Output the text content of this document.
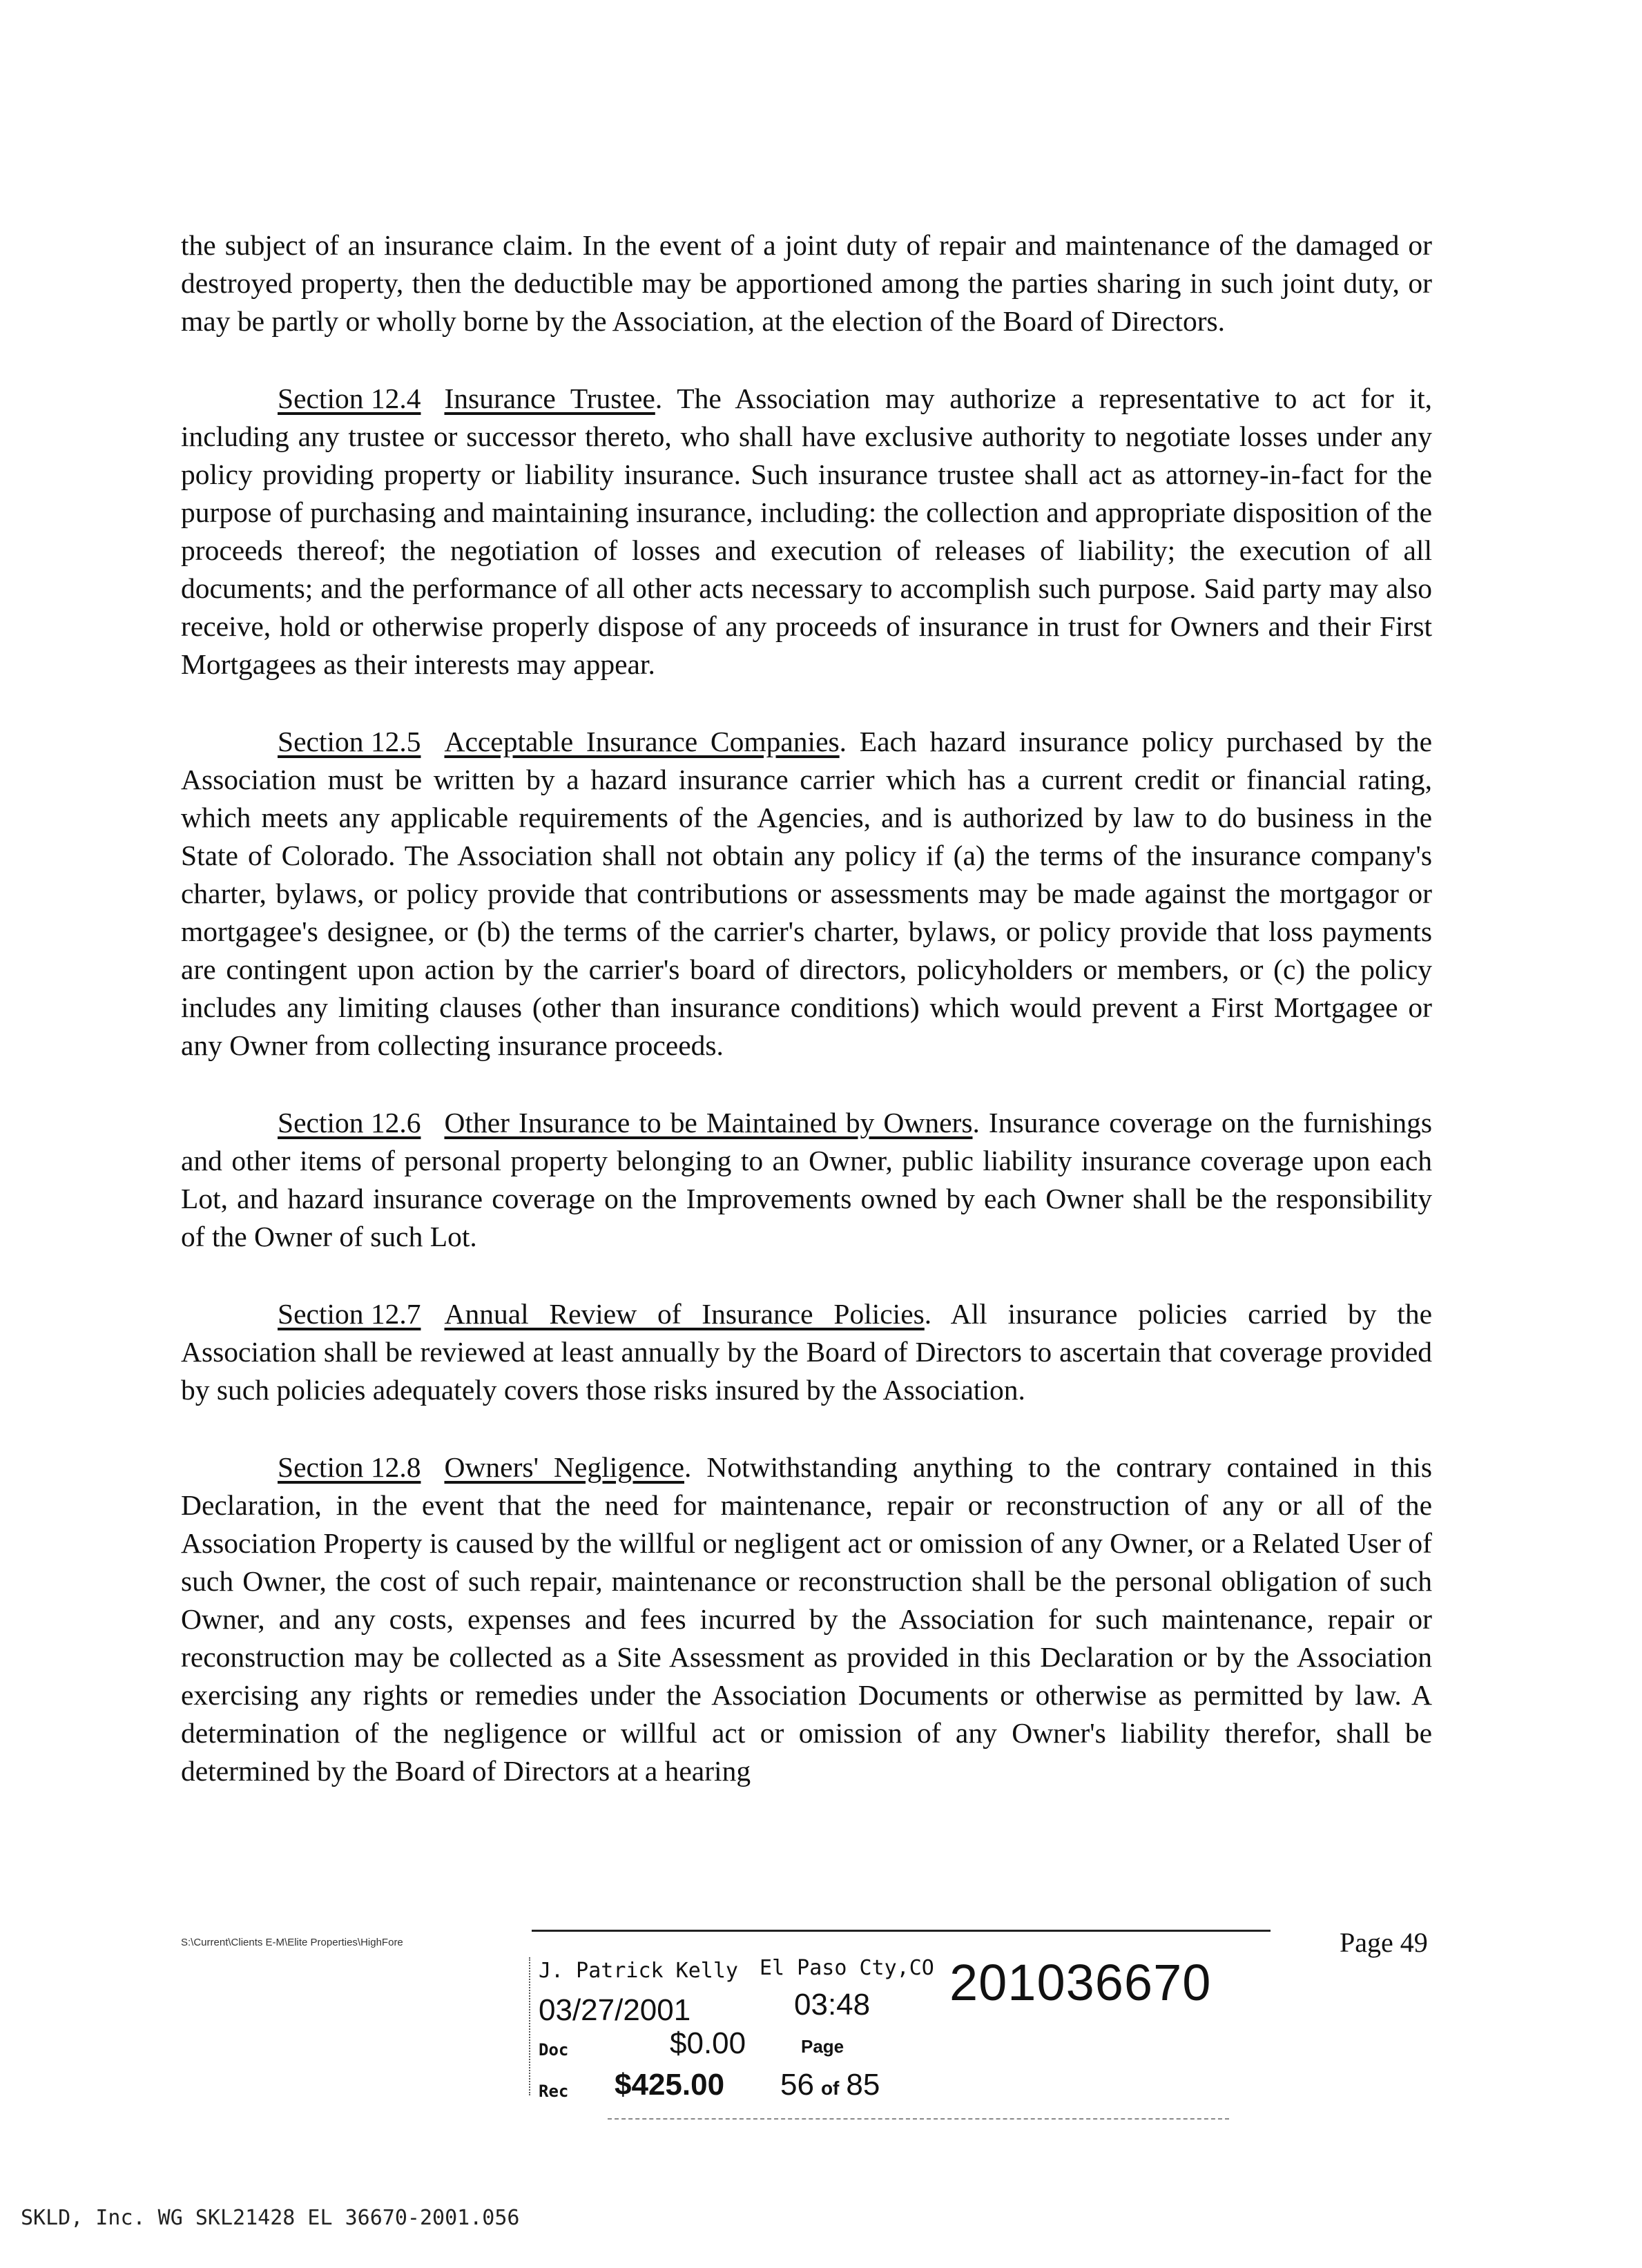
the subject of an insurance claim. In the event of a joint duty of repair and maintenance of the damaged or destroyed property, then the deductible may be apportioned among the parties sharing in such joint duty, or may be partly or wholly borne by the Association, at the election of the Board of Directors.

Section 12.4 Insurance Trustee. The Association may authorize a representative to act for it, including any trustee or successor thereto, who shall have exclusive authority to negotiate losses under any policy providing property or liability insurance. Such insurance trustee shall act as attorney-in-fact for the purpose of purchasing and maintaining insurance, including: the collection and appropriate disposition of the proceeds thereof; the negotiation of losses and execution of releases of liability; the execution of all documents; and the performance of all other acts necessary to accomplish such purpose. Said party may also receive, hold or otherwise properly dispose of any proceeds of insurance in trust for Owners and their First Mortgagees as their interests may appear.

Section 12.5 Acceptable Insurance Companies. Each hazard insurance policy purchased by the Association must be written by a hazard insurance carrier which has a current credit or financial rating, which meets any applicable requirements of the Agencies, and is authorized by law to do business in the State of Colorado. The Association shall not obtain any policy if (a) the terms of the insurance company's charter, bylaws, or policy provide that contributions or assessments may be made against the mortgagor or mortgagee's designee, or (b) the terms of the carrier's charter, bylaws, or policy provide that loss payments are contingent upon action by the carrier's board of directors, policyholders or members, or (c) the policy includes any limiting clauses (other than insurance conditions) which would prevent a First Mortgagee or any Owner from collecting insurance proceeds.

Section 12.6 Other Insurance to be Maintained by Owners. Insurance coverage on the furnishings and other items of personal property belonging to an Owner, public liability insurance coverage upon each Lot, and hazard insurance coverage on the Improvements owned by each Owner shall be the responsibility of the Owner of such Lot.

Section 12.7 Annual Review of Insurance Policies. All insurance policies carried by the Association shall be reviewed at least annually by the Board of Directors to ascertain that coverage provided by such policies adequately covers those risks insured by the Association.

Section 12.8 Owners' Negligence. Notwithstanding anything to the contrary contained in this Declaration, in the event that the need for maintenance, repair or reconstruction of any or all of the Association Property is caused by the willful or negligent act or omission of any Owner, or a Related User of such Owner, the cost of such repair, maintenance or reconstruction shall be the personal obligation of such Owner, and any costs, expenses and fees incurred by the Association for such maintenance, repair or reconstruction may be collected as a Site Assessment as provided in this Declaration or by the Association exercising any rights or remedies under the Association Documents or otherwise as permitted by law. A determination of the negligence or willful act or omission of any Owner's liability therefor, shall be determined by the Board of Directors at a hearing

S:\Current\Clients E-M\Elite Properties\HighFore	Page 49
J. Patrick Kelly El Paso Cty,CO 201036670
03/27/2001	03:48
Doc	$0.00	Page
Rec $425.00 56 of 85
SKLD, Inc. WG SKL21428 EL 36670-2001.056
